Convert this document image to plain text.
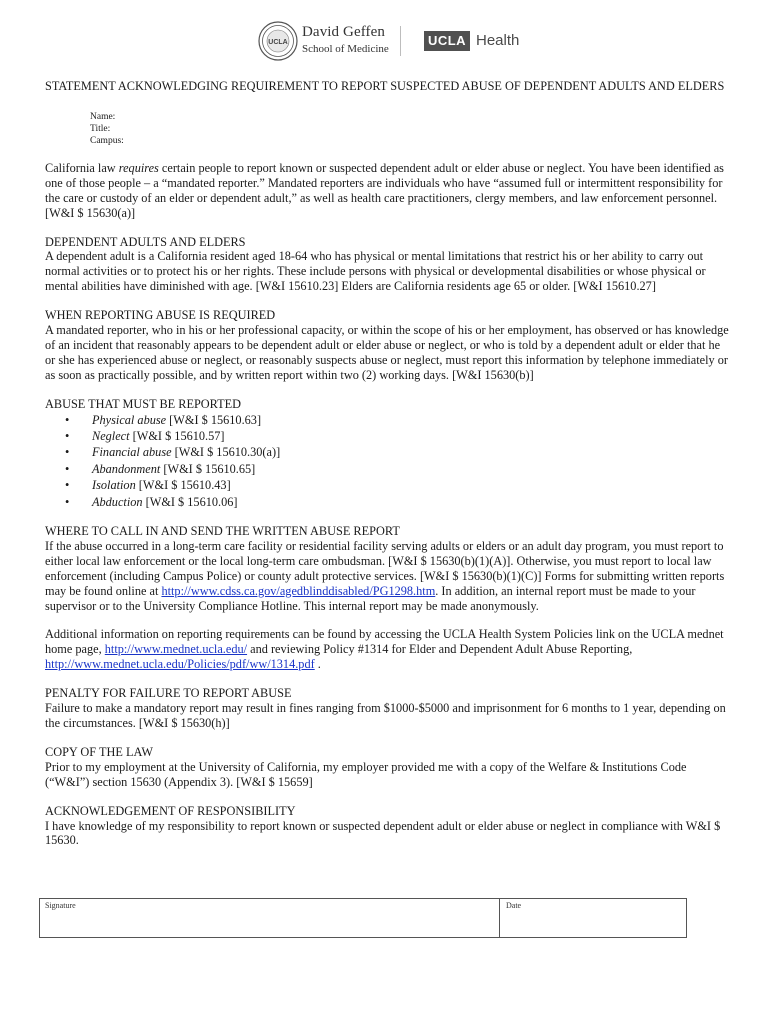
UCLA
David Geffen
School of Medicine
UCLA Health
STATEMENT ACKNOWLEDGING REQUIREMENT TO REPORT SUSPECTED ABUSE OF DEPENDENT ADULTS AND ELDERS
Name:
Title:
Campus:

California law requires certain people to report known or suspected dependent adult or elder abuse or neglect. You have been identified as one of those people – a “mandated reporter.” Mandated reporters are individuals who have “assumed full or intermittent responsibility for the care or custody of an elder or dependent adult,” as well as health care practitioners, clergy members, and law enforcement personnel. [W&I $ 15630(a)]

DEPENDENT ADULTS AND ELDERS

A dependent adult is a California resident aged 18-64 who has physical or mental limitations that restrict his or her ability to carry out normal activities or to protect his or her rights. These include persons with physical or developmental disabilities or whose physical or mental abilities have diminished with age. [W&I 15610.23] Elders are California residents age 65 or older. [W&I 15610.27]

WHEN REPORTING ABUSE IS REQUIRED

A mandated reporter, who in his or her professional capacity, or within the scope of his or her employment, has observed or has knowledge of an incident that reasonably appears to be dependent adult or elder abuse or neglect, or who is told by a dependent adult or elder that he or she has experienced abuse or neglect, or reasonably suspects abuse or neglect, must report this information by telephone immediately or as soon as practically possible, and by written report within two (2) working days. [W&I 15630(b)]

ABUSE THAT MUST BE REPORTED
• Physical abuse [W&I $ 15610.63]
• Neglect [W&I $ 15610.57]
• Financial abuse [W&I $ 15610.30(a)]
• Abandonment [W&I $ 15610.65]
• Isolation [W&I $ 15610.43]
• Abduction [W&I $ 15610.06]
WHERE TO CALL IN AND SEND THE WRITTEN ABUSE REPORT

If the abuse occurred in a long-term care facility or residential facility serving adults or elders or an adult day program, you must report to either local law enforcement or the local long-term care ombudsman. [W&I $ 15630(b)(1)(A)]. Otherwise, you must report to local law enforcement (including Campus Police) or county adult protective services. [W&I $ 15630(b)(1)(C)] Forms for submitting written reports may be found online at http://www.cdss.ca.gov/agedblinddisabled/PG1298.htm. In addition, an internal report must be made to your supervisor or to the University Compliance Hotline. This internal report may be made anonymously.

Additional information on reporting requirements can be found by accessing the UCLA Health System Policies link on the UCLA mednet home page, http://www.mednet.ucla.edu/ and reviewing Policy #1314 for Elder and Dependent Adult Abuse Reporting, http://www.mednet.ucla.edu/Policies/pdf/ww/1314.pdf .

PENALTY FOR FAILURE TO REPORT ABUSE

Failure to make a mandatory report may result in fines ranging from $1000-$5000 and imprisonment for 6 months to 1 year, depending on the circumstances. [W&I $ 15630(h)]

COPY OF THE LAW

Prior to my employment at the University of California, my employer provided me with a copy of the Welfare & Institutions Code (“W&I”) section 15630 (Appendix 3). [W&I $ 15659]

ACKNOWLEDGEMENT OF RESPONSIBILITY

I have knowledge of my responsibility to report known or suspected dependent adult or elder abuse or neglect in compliance with W&I $ 15630.

Signature	Date
